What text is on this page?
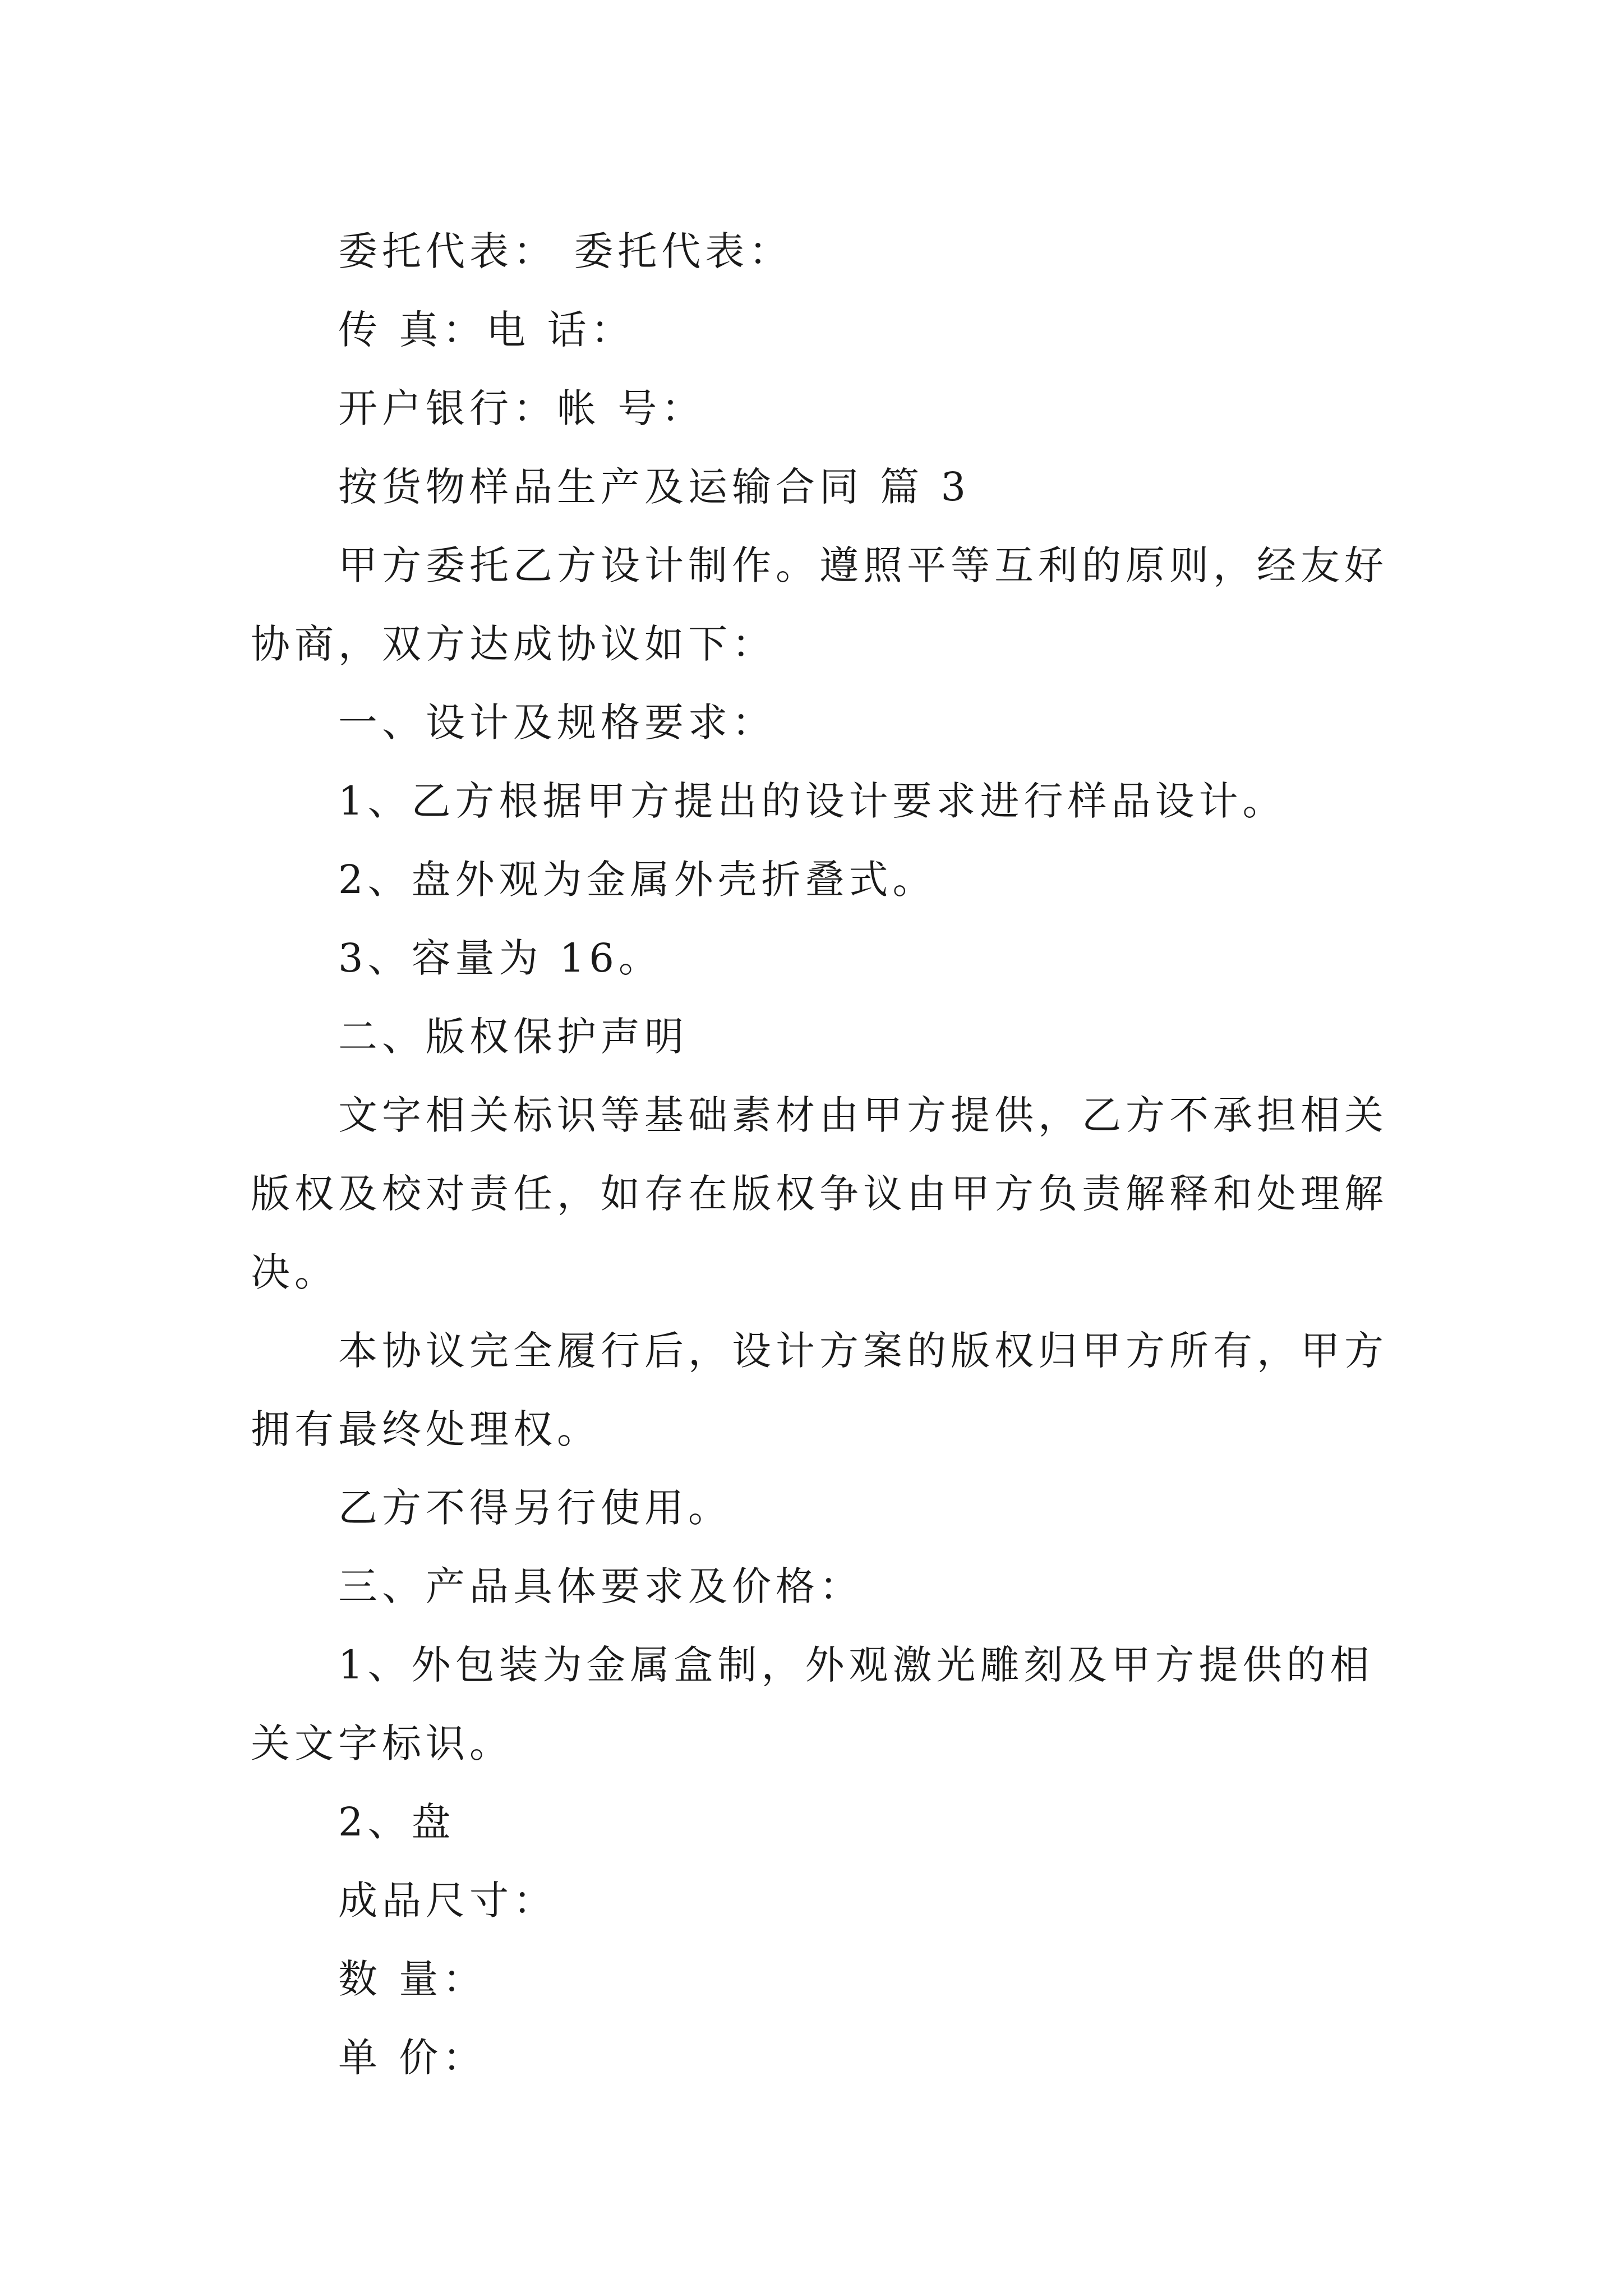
委托代表： 委托代表：
传 真：电 话：
开户银行：帐 号：
按货物样品生产及运输合同 篇 3
甲方委托乙方设计制作。遵照平等互利的原则，经友好
协商，双方达成协议如下：
一、设计及规格要求：
1、乙方根据甲方提出的设计要求进行样品设计。
2、盘外观为金属外壳折叠式。
3、容量为 16。
二、版权保护声明
文字相关标识等基础素材由甲方提供，乙方不承担相关
版权及校对责任，如存在版权争议由甲方负责解释和处理解
决。
本协议完全履行后，设计方案的版权归甲方所有，甲方
拥有最终处理权。
乙方不得另行使用。
三、产品具体要求及价格：
1、外包装为金属盒制，外观激光雕刻及甲方提供的相
关文字标识。
2、盘
成品尺寸：
数 量：
单 价：
